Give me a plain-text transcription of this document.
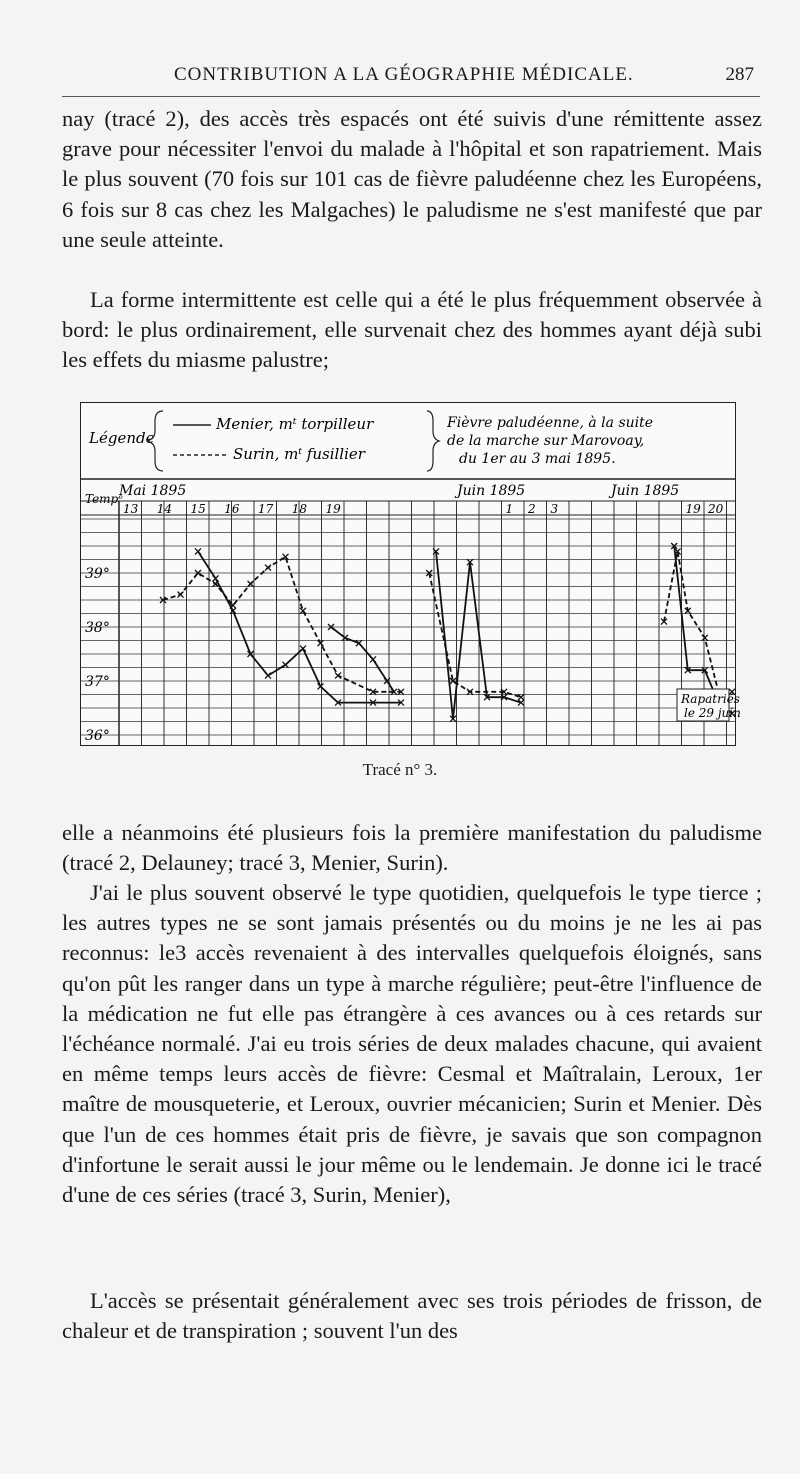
CONTRIBUTION A LA GÉOGRAPHIE MÉDICALE.	287

nay (tracé 2), des accès très espacés ont été suivis d'une rémittente assez grave pour nécessiter l'envoi du malade à l'hôpital et son rapatriement. Mais le plus souvent (70 fois sur 101 cas de fièvre paludéenne chez les Européens, 6 fois sur 8 cas chez les Malgaches) le paludisme ne s'est manifesté que par une seule atteinte.

La forme intermittente est celle qui a été le plus fréquemment observée à bord: le plus ordinairement, elle survenait chez des hommes ayant déjà subi les effets du miasme palustre;

Légende
Menier, mᵗ torpilleur
Surin, mᵗ fusillier
Fièvre paludéenne, à la suite
de la marche sur Marovoay,
du 1er au 3 mai 1895.
Tempᵉ
Mai 1895	Juin 1895	Juin 1895
39°
38°
37°
36°
13 14 15 16 17 18 19	1 2 3	19 20
Rapatriés
le 29 juin
Tracé n° 3.

elle a néanmoins été plusieurs fois la première manifestation du paludisme (tracé 2, Delauney; tracé 3, Menier, Surin).

J'ai le plus souvent observé le type quotidien, quelquefois le type tierce ; les autres types ne se sont jamais présentés ou du moins je ne les ai pas reconnus: le3 accès revenaient à des intervalles quelquefois éloignés, sans qu'on pût les ranger dans un type à marche régulière; peut-être l'influence de la médication ne fut elle pas étrangère à ces avances ou à ces retards sur l'échéance normalé. J'ai eu trois séries de deux malades chacune, qui avaient en même temps leurs accès de fièvre: Cesmal et Maîtralain, Leroux, 1er maître de mousqueterie, et Leroux, ouvrier mécanicien; Surin et Menier. Dès que l'un de ces hommes était pris de fièvre, je savais que son compagnon d'infortune le serait aussi le jour même ou le lendemain. Je donne ici le tracé d'une de ces séries (tracé 3, Surin, Menier),

L'accès se présentait généralement avec ses trois périodes de frisson, de chaleur et de transpiration ; souvent l'un des
